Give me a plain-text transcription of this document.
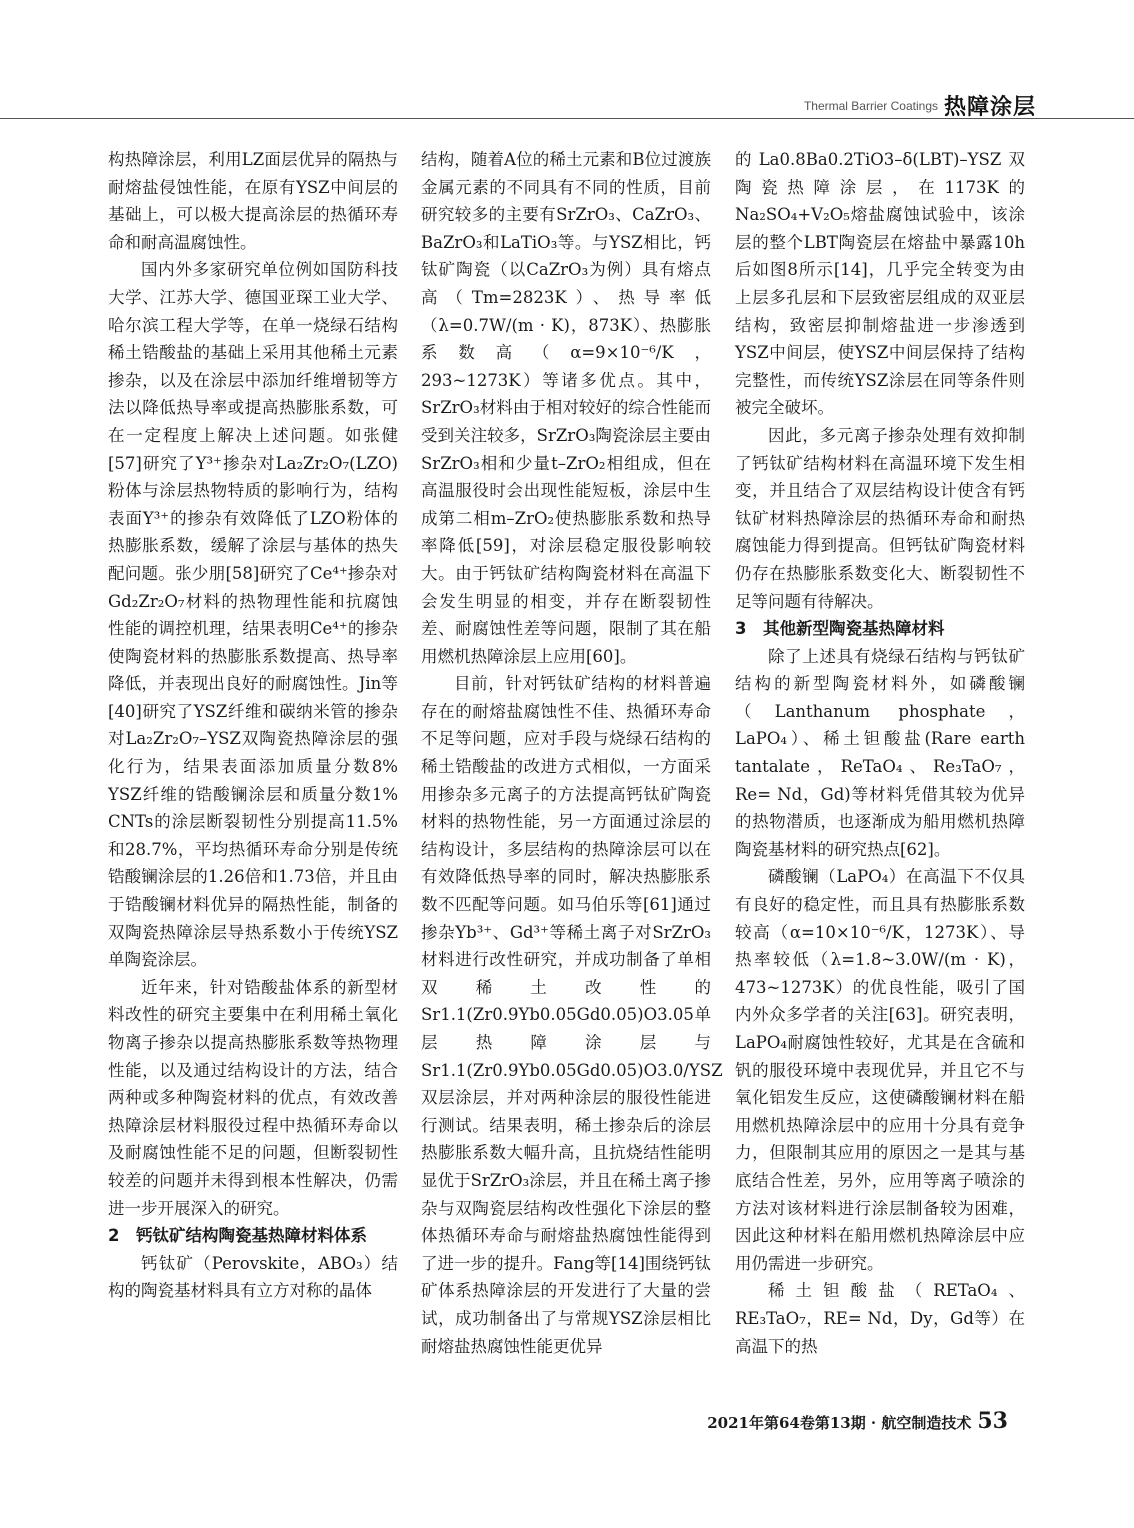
Thermal Barrier Coatings 热障涂层

构热障涂层，利用LZ面层优异的隔热与耐熔盐侵蚀性能，在原有YSZ中间层的基础上，可以极大提高涂层的热循环寿命和耐高温腐蚀性。

国内外多家研究单位例如国防科技大学、江苏大学、德国亚琛工业大学、哈尔滨工程大学等，在单一烧绿石结构稀土锆酸盐的基础上采用其他稀土元素掺杂，以及在涂层中添加纤维增韧等方法以降低热导率或提高热膨胀系数，可在一定程度上解决上述问题。如张健[57]研究了Y³⁺掺杂对La₂Zr₂O₇(LZO)粉体与涂层热物特质的影响行为，结构表面Y³⁺的掺杂有效降低了LZO粉体的热膨胀系数，缓解了涂层与基体的热失配问题。张少朋[58]研究了Ce⁴⁺掺杂对Gd₂Zr₂O₇材料的热物理性能和抗腐蚀性能的调控机理，结果表明Ce⁴⁺的掺杂使陶瓷材料的热膨胀系数提高、热导率降低，并表现出良好的耐腐蚀性。Jin等[40]研究了YSZ纤维和碳纳米管的掺杂对La₂Zr₂O₇–YSZ双陶瓷热障涂层的强化行为，结果表面添加质量分数8% YSZ纤维的锆酸镧涂层和质量分数1% CNTs的涂层断裂韧性分别提高11.5%和28.7%，平均热循环寿命分别是传统锆酸镧涂层的1.26倍和1.73倍，并且由于锆酸镧材料优异的隔热性能，制备的双陶瓷热障涂层导热系数小于传统YSZ单陶瓷涂层。

近年来，针对锆酸盐体系的新型材料改性的研究主要集中在利用稀土氧化物离子掺杂以提高热膨胀系数等热物理性能，以及通过结构设计的方法，结合两种或多种陶瓷材料的优点，有效改善热障涂层材料服役过程中热循环寿命以及耐腐蚀性能不足的问题，但断裂韧性较差的问题并未得到根本性解决，仍需进一步开展深入的研究。

2　钙钛矿结构陶瓷基热障材料体系

钙钛矿（Perovskite，ABO₃）结构的陶瓷基材料具有立方对称的晶体

结构，随着A位的稀土元素和B位过渡族金属元素的不同具有不同的性质，目前研究较多的主要有SrZrO₃、CaZrO₃、BaZrO₃和LaTiO₃等。与YSZ相比，钙钛矿陶瓷（以CaZrO₃为例）具有熔点高（Tm=2823K）、热导率低（λ=0.7W/(m · K)，873K）、热膨胀系数高（α=9×10⁻⁶/K，293~1273K）等诸多优点。其中，SrZrO₃材料由于相对较好的综合性能而受到关注较多，SrZrO₃陶瓷涂层主要由SrZrO₃相和少量t–ZrO₂相组成，但在高温服役时会出现性能短板，涂层中生成第二相m–ZrO₂使热膨胀系数和热导率降低[59]，对涂层稳定服役影响较大。由于钙钛矿结构陶瓷材料在高温下会发生明显的相变，并存在断裂韧性差、耐腐蚀性差等问题，限制了其在船用燃机热障涂层上应用[60]。

目前，针对钙钛矿结构的材料普遍存在的耐熔盐腐蚀性不佳、热循环寿命不足等问题，应对手段与烧绿石结构的稀土锆酸盐的改进方式相似，一方面采用掺杂多元离子的方法提高钙钛矿陶瓷材料的热物性能，另一方面通过涂层的结构设计，多层结构的热障涂层可以在有效降低热导率的同时，解决热膨胀系数不匹配等问题。如马伯乐等[61]通过掺杂Yb³⁺、Gd³⁺等稀土离子对SrZrO₃材料进行改性研究，并成功制备了单相双稀土改性的Sr1.1(Zr0.9Yb0.05Gd0.05)O3.05单层热障涂层与Sr1.1(Zr0.9Yb0.05Gd0.05)O3.0/YSZ双层涂层，并对两种涂层的服役性能进行测试。结果表明，稀土掺杂后的涂层热膨胀系数大幅升高，且抗烧结性能明显优于SrZrO₃涂层，并且在稀土离子掺杂与双陶瓷层结构改性强化下涂层的整体热循环寿命与耐熔盐热腐蚀性能得到了进一步的提升。Fang等[14]围绕钙钛矿体系热障涂层的开发进行了大量的尝试，成功制备出了与常规YSZ涂层相比耐熔盐热腐蚀性能更优异

的La0.8Ba0.2TiO3–δ(LBT)–YSZ双陶瓷热障涂层，在1173K的Na₂SO₄+V₂O₅熔盐腐蚀试验中，该涂层的整个LBT陶瓷层在熔盐中暴露10h后如图8所示[14]，几乎完全转变为由上层多孔层和下层致密层组成的双亚层结构，致密层抑制熔盐进一步渗透到YSZ中间层，使YSZ中间层保持了结构完整性，而传统YSZ涂层在同等条件则被完全破坏。

因此，多元离子掺杂处理有效抑制了钙钛矿结构材料在高温环境下发生相变，并且结合了双层结构设计使含有钙钛矿材料热障涂层的热循环寿命和耐热腐蚀能力得到提高。但钙钛矿陶瓷材料仍存在热膨胀系数变化大、断裂韧性不足等问题有待解决。

3　其他新型陶瓷基热障材料

除了上述具有烧绿石结构与钙钛矿结构的新型陶瓷材料外，如磷酸镧（Lanthanum phosphate，LaPO₄）、稀土钽酸盐(Rare earth tantalate，ReTaO₄、Re₃TaO₇，Re= Nd，Gd)等材料凭借其较为优异的热物潜质，也逐渐成为船用燃机热障陶瓷基材料的研究热点[62]。

磷酸镧（LaPO₄）在高温下不仅具有良好的稳定性，而且具有热膨胀系数较高（α=10×10⁻⁶/K，1273K）、导热率较低（λ=1.8~3.0W/(m · K)，473~1273K）的优良性能，吸引了国内外众多学者的关注[63]。研究表明，LaPO₄耐腐蚀性较好，尤其是在含硫和钒的服役环境中表现优异，并且它不与氧化铝发生反应，这使磷酸镧材料在船用燃机热障涂层中的应用十分具有竞争力，但限制其应用的原因之一是其与基底结合性差，另外，应用等离子喷涂的方法对该材料进行涂层制备较为困难，因此这种材料在船用燃机热障涂层中应用仍需进一步研究。

稀土钽酸盐（RETaO₄、RE₃TaO₇，RE= Nd，Dy，Gd等）在高温下的热

2021年第64卷第13期 · 航空制造技术 53
